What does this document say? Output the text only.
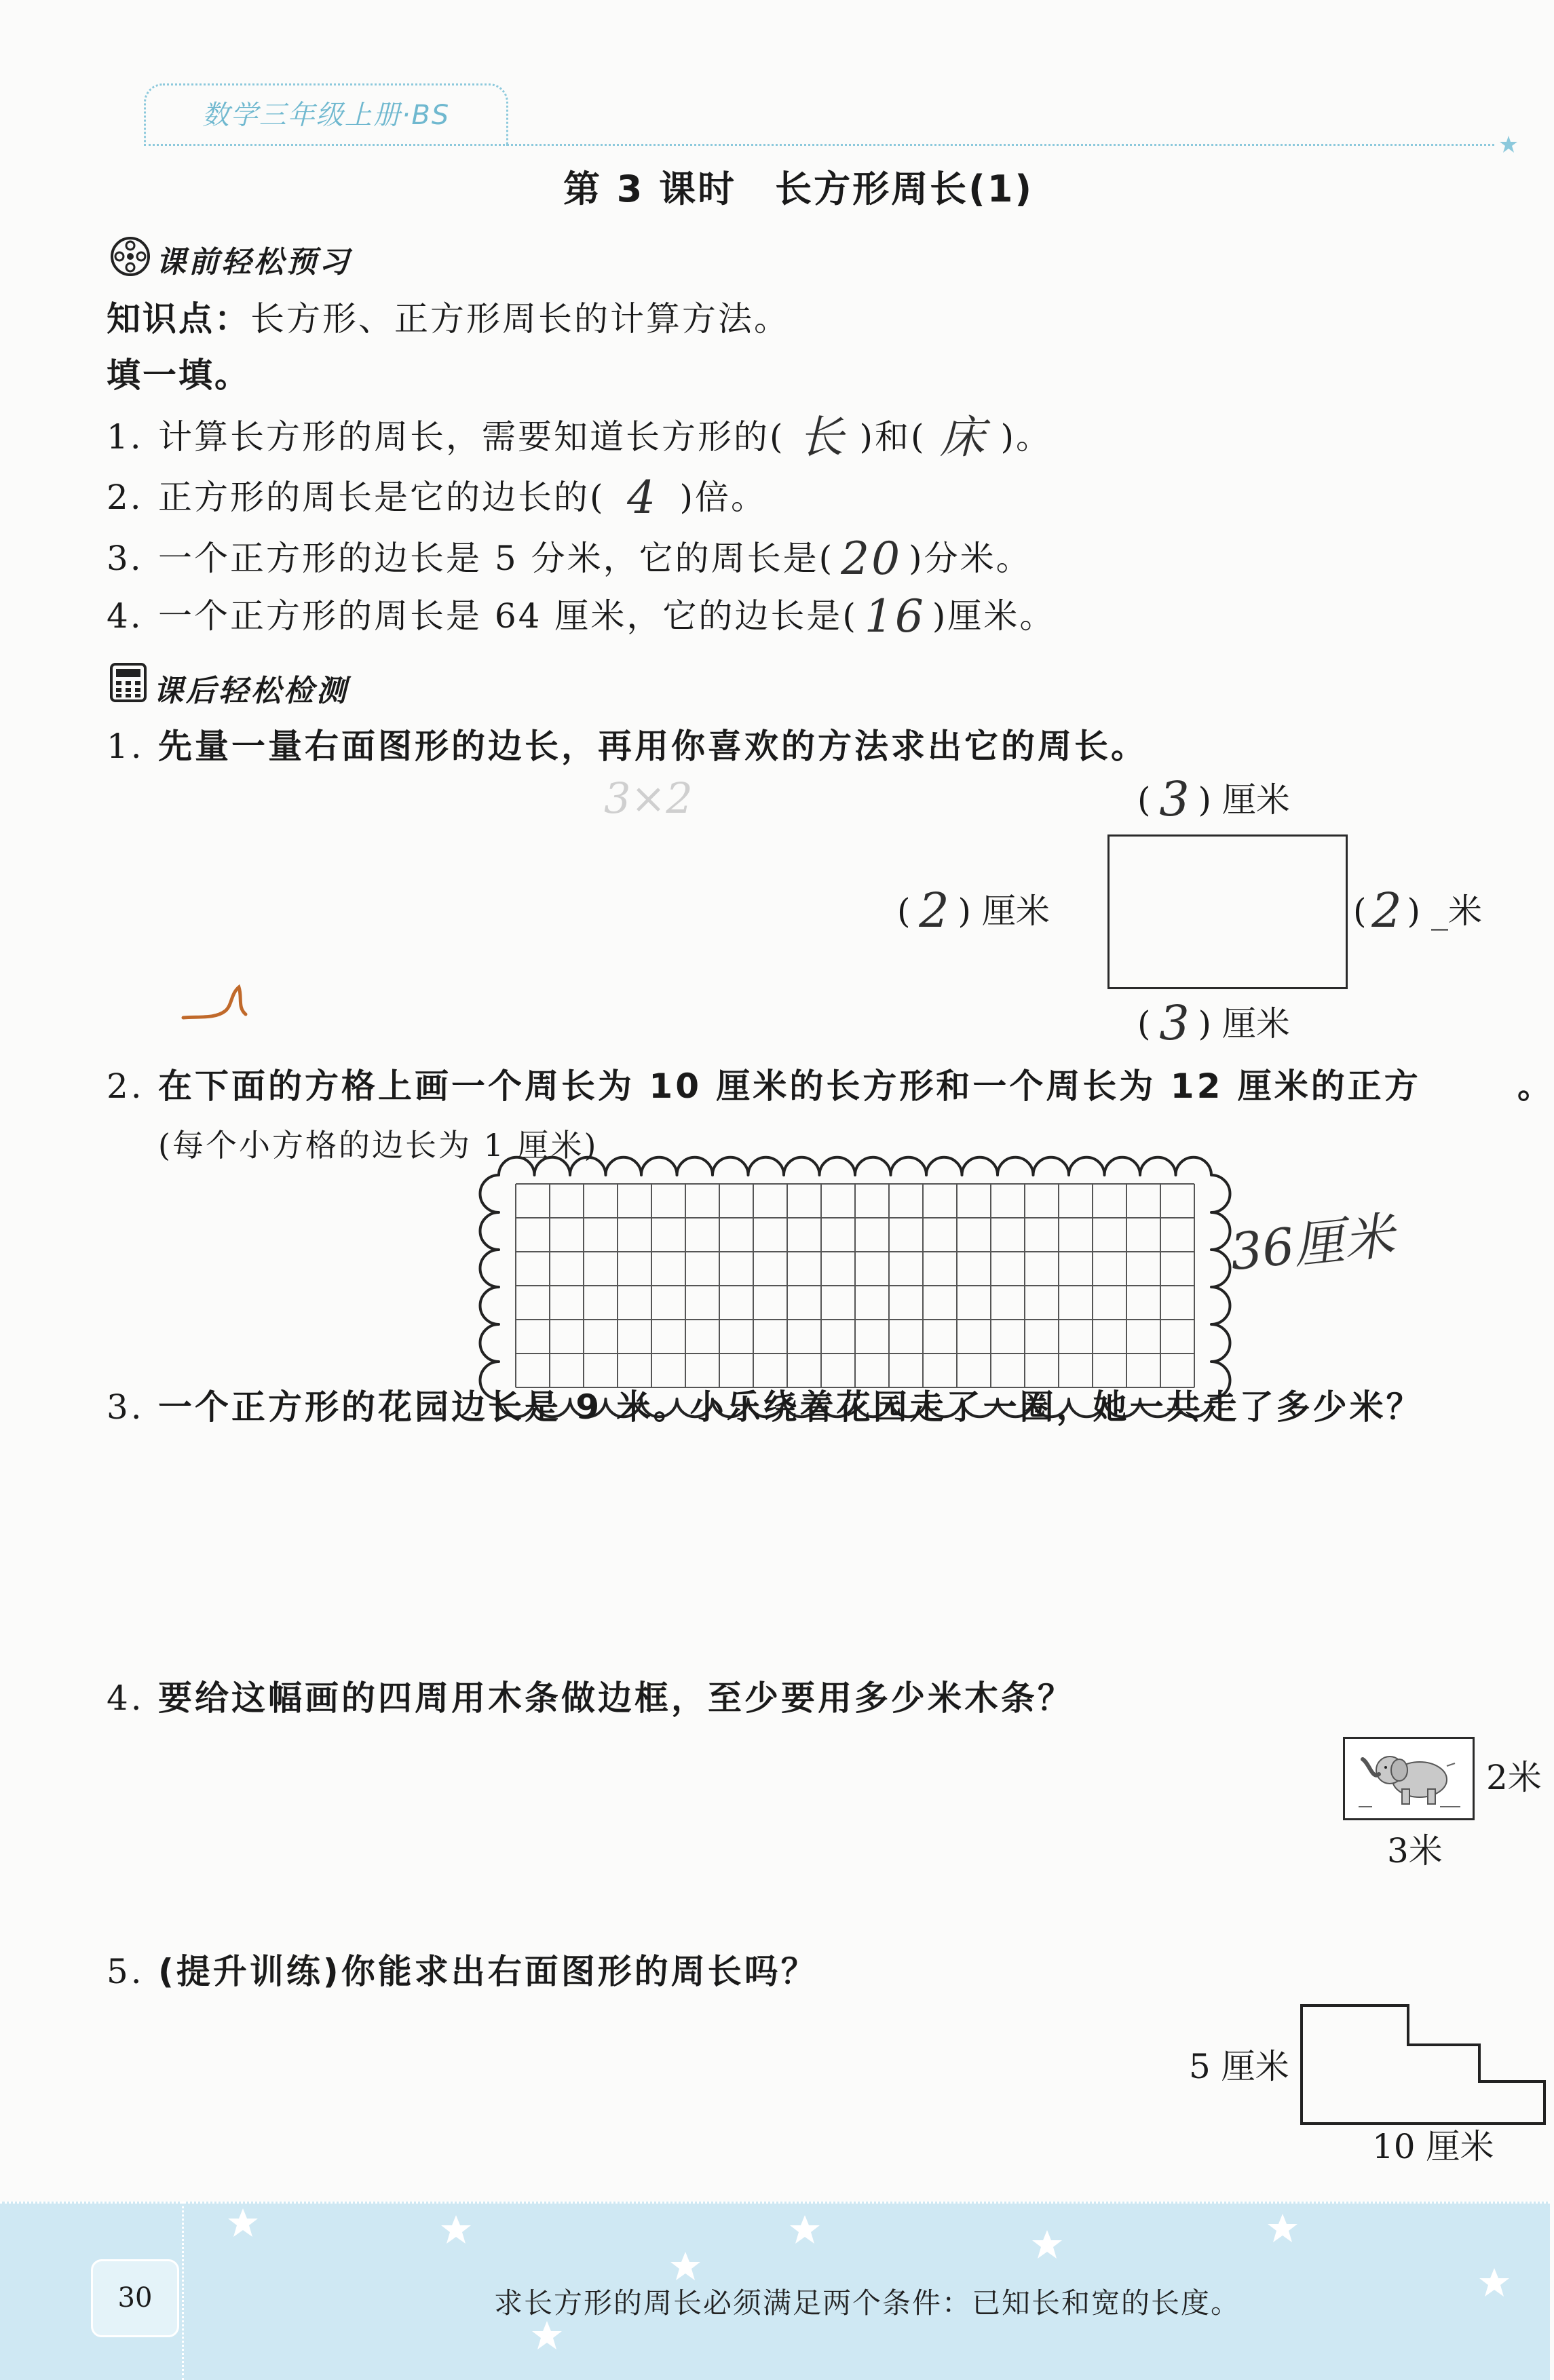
数学三年级上册·BS
第 3 课时　长方形周长(1)
课前轻松预习
知识点：长方形、正方形周长的计算方法。
填一填。
1. 计算长方形的周长，需要知道长方形的( 长 )和( 床 )。
2. 正方形的周长是它的边长的( 4 )倍。
3. 一个正方形的边长是 5 分米，它的周长是( 20 )分米。
4. 一个正方形的周长是 64 厘米，它的边长是( 16 )厘米。
课后轻松检测
1. 先量一量右面图形的边长，再用你喜欢的方法求出它的周长。
3×2	( 3 ) 厘米
( 2 ) 厘米	( 2 ) _米
( 3 ) 厘米
2. 在下面的方格上画一个周长为 10 厘米的长方形和一个周长为 12 厘米的正方	。
(每个小方格的边长为 1 厘米)
36厘米
3. 一个正方形的花园边长是 9 米。小乐绕着花园走了一圈，她一共走了多少米？
4. 要给这幅画的四周用木条做边框，至少要用多少米木条？
2米
3米
5. (提升训练)你能求出右面图形的周长吗？
5 厘米
10 厘米
30	求长方形的周长必须满足两个条件：已知长和宽的长度。
